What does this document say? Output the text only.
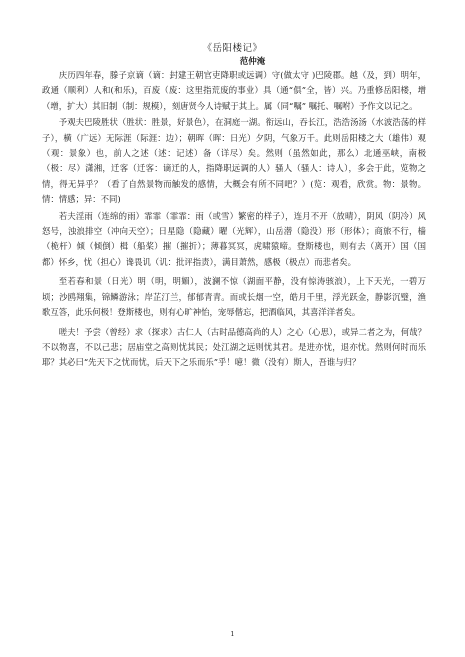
《岳阳楼记》
范仲淹

庆历四年春，滕子京谪（谪：封建王朝官吏降职或远调）守(做太守 )巴陵郡。越（及，到）明年，政通（顺利）人和(和乐)，百废（废：这里指荒废的事业）具（通“俱”全，皆）兴。乃重修岳阳楼，增（增，扩大）其旧制（制：规模），刻唐贤今人诗赋于其上。属（同“嘱” 嘱托、嘱咐）予作文以记之。

予观夫巴陵胜状（胜状：胜景，好景色），在洞庭一湖。衔远山，吞长江，浩浩汤汤（水波浩荡的样子），横（广远）无际涯（际涯：边）；朝晖（晖：日光）夕阴，气象万千。此则岳阳楼之大（雄伟）观（观：景象）也，前人之述（述：记述）备（详尽）矣。然则（虽然如此，那么）北通巫峡，南极（极：尽）潇湘，迁客（迁客：谪迁的人，指降职远调的人）骚人（骚人：诗人），多会于此，览物之情，得无异乎？（看了自然景物而触发的感情，大概会有所不同吧？）(览：观看，欣赏。物：景物。情：情感；异：不同)

若夫淫雨（连绵的雨）霏霏（霏霏：雨（或雪）繁密的样子），连月不开（放晴），阴风（阴冷）风怒号，浊浪排空（冲向天空）；日星隐（隐藏）曜（光辉），山岳潜（隐没）形（形体）；商旅不行，樯（桅杆）倾（倾倒）楫（船桨）摧（摧折）；薄暮冥冥，虎啸猿啼。登斯楼也，则有去（离开）国（国都）怀乡，忧（担心）谗畏讥（讥：批评指责），满目萧然，感极（极点）而悲者矣。

至若春和景（日光）明（明，明媚），波澜不惊（湖面平静，没有惊涛骇浪），上下天光，一碧万顷；沙鸥翔集，锦鳞游泳；岸芷汀兰，郁郁青青。而或长烟一空，皓月千里，浮光跃金，静影沉璧，渔歌互答，此乐何极！登斯楼也，则有心旷神怡，宠辱偕忘，把酒临风，其喜洋洋者矣。

嗟夫！予尝（曾经）求（探求）古仁人（古时品德高尚的人）之心（心思），或异二者之为，何哉？不以物喜，不以己悲；居庙堂之高则忧其民；处江湖之远则忧其君。是进亦忧，退亦忧。然则何时而乐耶？其必曰“先天下之忧而忧，后天下之乐而乐”乎！噫！微（没有）斯人，吾谁与归？

1
